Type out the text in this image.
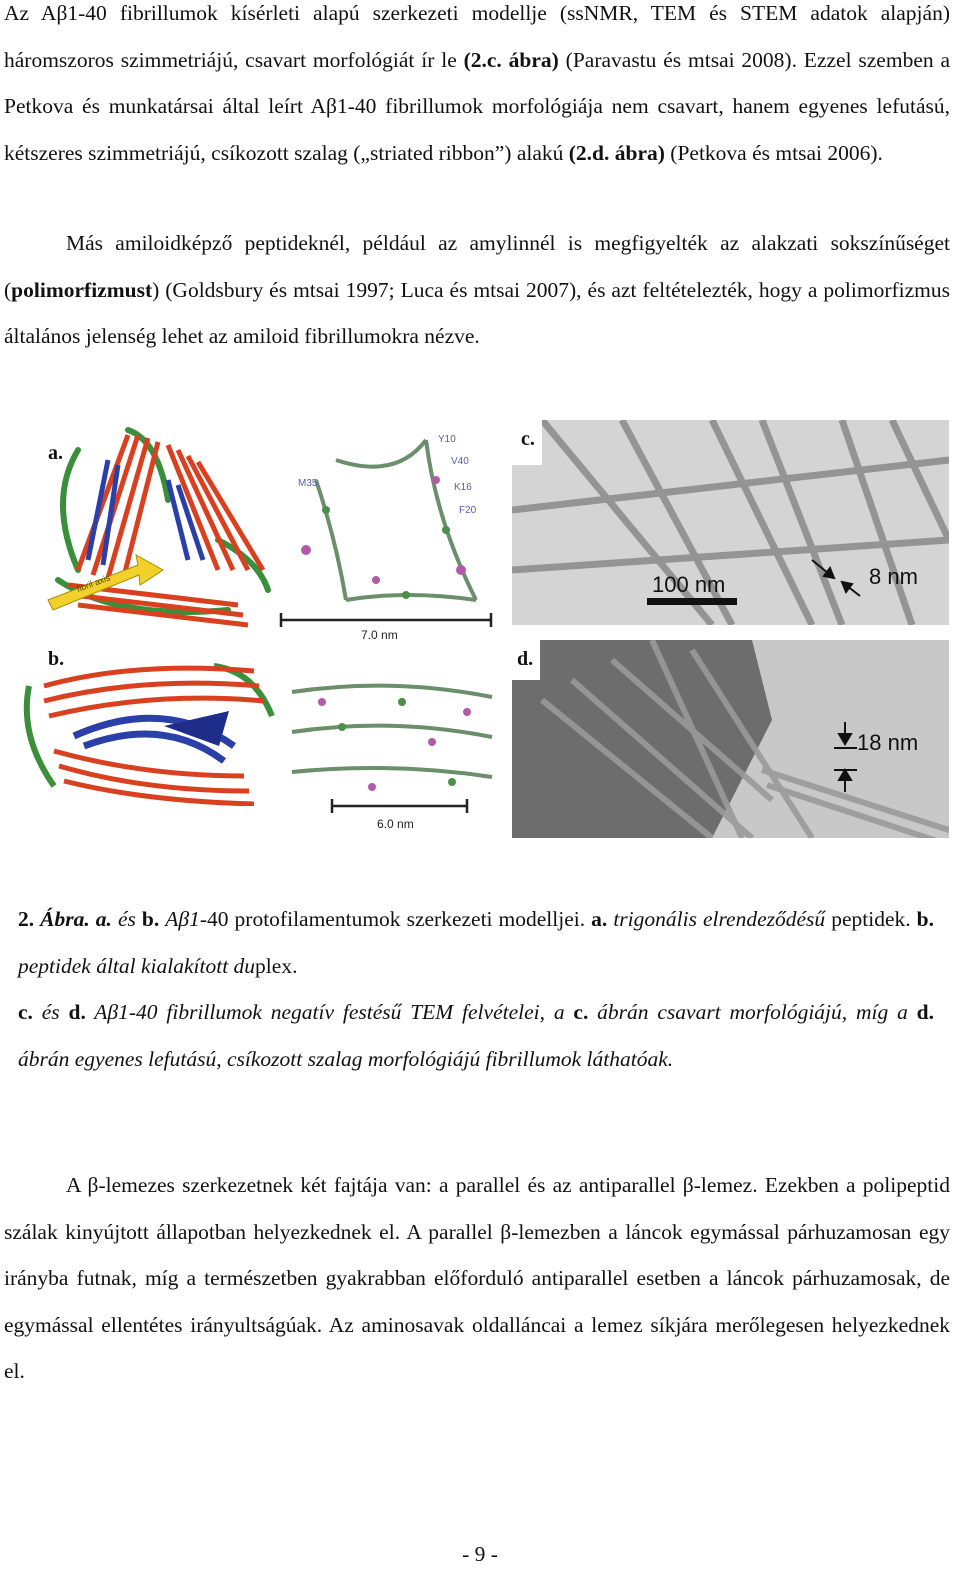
Az Aβ1-40 fibrillumok kísérleti alapú szerkezeti modellje (ssNMR, TEM és STEM adatok alapján) háromszoros szimmetriájú, csavart morfológiát ír le (2.c. ábra) (Paravastu és mtsai 2008). Ezzel szemben a Petkova és munkatársai által leírt Aβ1-40 fibrillumok morfológiája nem csavart, hanem egyenes lefutású, kétszeres szimmetriájú, csíkozott szalag („striated ribbon”) alakú (2.d. ábra) (Petkova és mtsai 2006).

Más amiloidképző peptideknél, például az amylinnél is megfigyelték az alakzati sokszínűséget (polimorfizmust) (Goldsbury és mtsai 1997; Luca és mtsai 2007), és azt feltételezték, hogy a polimorfizmus általános jelenség lehet az amiloid fibrillumokra nézve.

fibril axis
Y10
V40
K16
F20
M35
7.0 nm
a.
6.0 nm
b.
100 nm	8 nm
c.
18 nm
d.

2. Ábra. a. és b. Aβ1-40 protofilamentumok szerkezeti modelljei. a. trigonális elrendeződésű peptidek. b. peptidek által kialakított duplex.
c. és d. Aβ1-40 fibrillumok negatív festésű TEM felvételei, a c. ábrán csavart morfológiájú, míg a d. ábrán egyenes lefutású, csíkozott szalag morfológiájú fibrillumok láthatóak.

A β-lemezes szerkezetnek két fajtája van: a parallel és az antiparallel β-lemez. Ezekben a polipeptid szálak kinyújtott állapotban helyezkednek el. A parallel β-lemezben a láncok egymással párhuzamosan egy irányba futnak, míg a természetben gyakrabban előforduló antiparallel esetben a láncok párhuzamosak, de egymással ellentétes irányultságúak. Az aminosavak oldalláncai a lemez síkjára merőlegesen helyezkednek el.

- 9 -
